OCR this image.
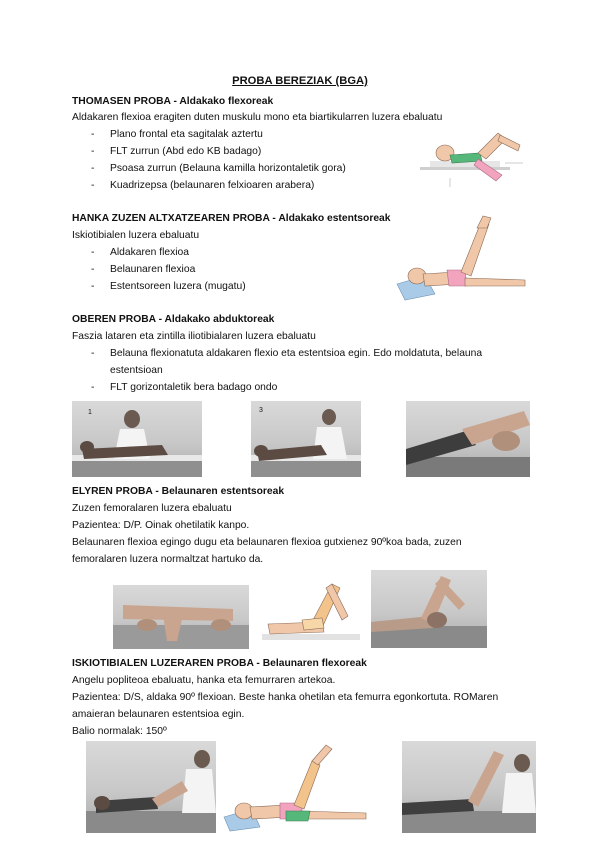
PROBA BEREZIAK (BGA)
THOMASEN PROBA - Aldakako flexoreak
Aldakaren flexioa eragiten duten muskulu mono eta biartikularren luzera ebaluatu
- Plano frontal eta sagitalak aztertu
- FLT zurrun (Abd edo KB badago)
- Psoasa zurrun (Belauna kamilla horizontaletik gora)
- Kuadrizepsa (belaunaren felxioaren arabera)
HANKA ZUZEN ALTXATZEAREN PROBA - Aldakako estentsoreak
Iskiotibialen luzera ebaluatu
- Aldakaren flexioa
- Belaunaren flexioa
- Estentsoreen luzera (mugatu)
OBEREN PROBA - Aldakako abduktoreak
Faszia lataren eta zintilla iliotibialaren luzera ebaluatu
- Belauna flexionatuta aldakaren flexio eta estentsioa egin. Edo moldatuta, belauna
estentsioan
- FLT gorizontaletik bera badago ondo
1	3
ELYREN PROBA - Belaunaren estentsoreak
Zuzen femoralaren luzera ebaluatu
Pazientea: D/P. Oinak ohetilatik kanpo.
Belaunaren flexioa egingo dugu eta belaunaren flexioa gutxienez 90ºkoa bada, zuzen
femoralaren luzera normaltzat hartuko da.
ISKIOTIBIALEN LUZERAREN PROBA - Belaunaren flexoreak
Angelu popliteoa ebaluatu, hanka eta femurraren artekoa.
Pazientea: D/S, aldaka 90º flexioan. Beste hanka ohetilan eta femurra egonkortuta. ROMaren
amaieran belaunaren estentsioa egin.
Balio normalak: 150º
